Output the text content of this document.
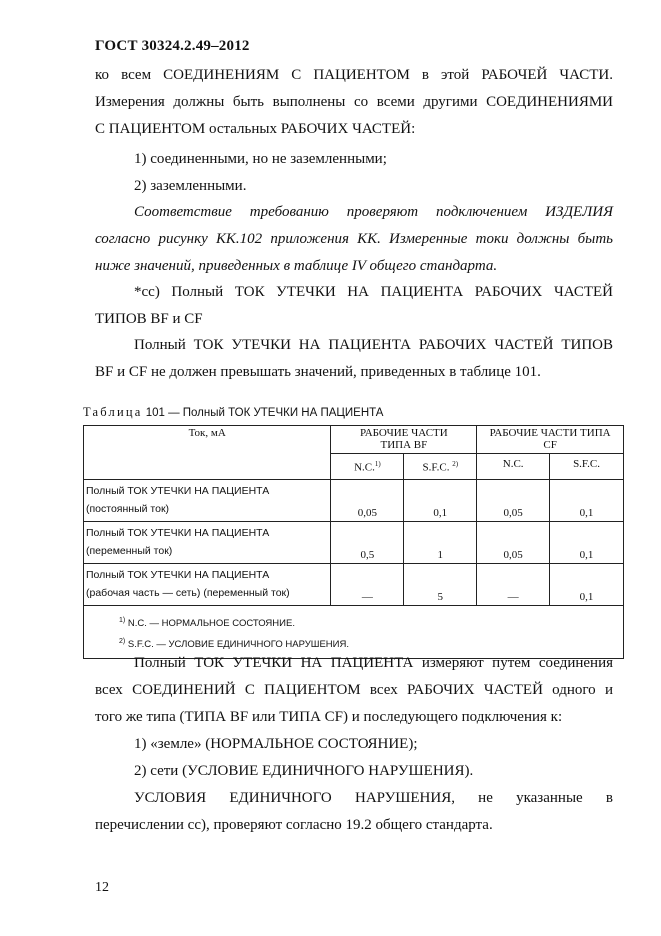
ГОСТ 30324.2.49–2012
ко всем СОЕДИНЕНИЯМ С ПАЦИЕНТОМ в этой РАБОЧЕЙ ЧАСТИ.
Измерения должны быть выполнены со всеми другими СОЕДИНЕНИЯМИ
С ПАЦИЕНТОМ остальных РАБОЧИХ ЧАСТЕЙ:
1) соединенными, но не заземленными;
2) заземленными.
Соответствие требованию проверяют подключением ИЗДЕЛИЯ
согласно рисунку КК.102 приложения КК. Измеренные токи должны быть
ниже значений, приведенных в таблице IV общего стандарта.
*сс) Полный ТОК УТЕЧКИ НА ПАЦИЕНТА РАБОЧИХ ЧАСТЕЙ
ТИПОВ BF и CF
Полный ТОК УТЕЧКИ НА ПАЦИЕНТА РАБОЧИХ ЧАСТЕЙ ТИПОВ
BF и CF не должен превышать значений, приведенных в таблице 101.
Таблица 101 — Полный ТОК УТЕЧКИ НА ПАЦИЕНТА
Ток, мА	РАБОЧИЕ ЧАСТИ
ТИПА BF		РАБОЧИЕ ЧАСТИ ТИПА
CF	
	N.C.$^{1)}$	S.F.C. $^{2)}$	N.C.	S.F.C.
Полный ТОК УТЕЧКИ НА ПАЦИЕНТА
(постоянный ток)	0,05	0,1	0,05	0,1
Полный ТОК УТЕЧКИ НА ПАЦИЕНТА
(переменный ток)	0,5	1	0,05	0,1
Полный ТОК УТЕЧКИ НА ПАЦИЕНТА
(рабочая часть — сеть) (переменный ток)	—	5	—	0,1

$^{1)}$ N.C. — НОРМАЛЬНОЕ СОСТОЯНИЕ.
$^{2)}$ S.F.C. — УСЛОВИЕ ЕДИНИЧНОГО НАРУШЕНИЯ.				
Полный ТОК УТЕЧКИ НА ПАЦИЕНТА измеряют путем соединения
всех СОЕДИНЕНИЙ С ПАЦИЕНТОМ всех РАБОЧИХ ЧАСТЕЙ одного и
того же типа (ТИПА BF или ТИПА CF) и последующего подключения к:
1) «земле» (НОРМАЛЬНОЕ СОСТОЯНИЕ);
2) сети (УСЛОВИЕ ЕДИНИЧНОГО НАРУШЕНИЯ).
УСЛОВИЯ ЕДИНИЧНОГО НАРУШЕНИЯ, не указанные в
перечислении сс), проверяют согласно 19.2 общего стандарта.
12
